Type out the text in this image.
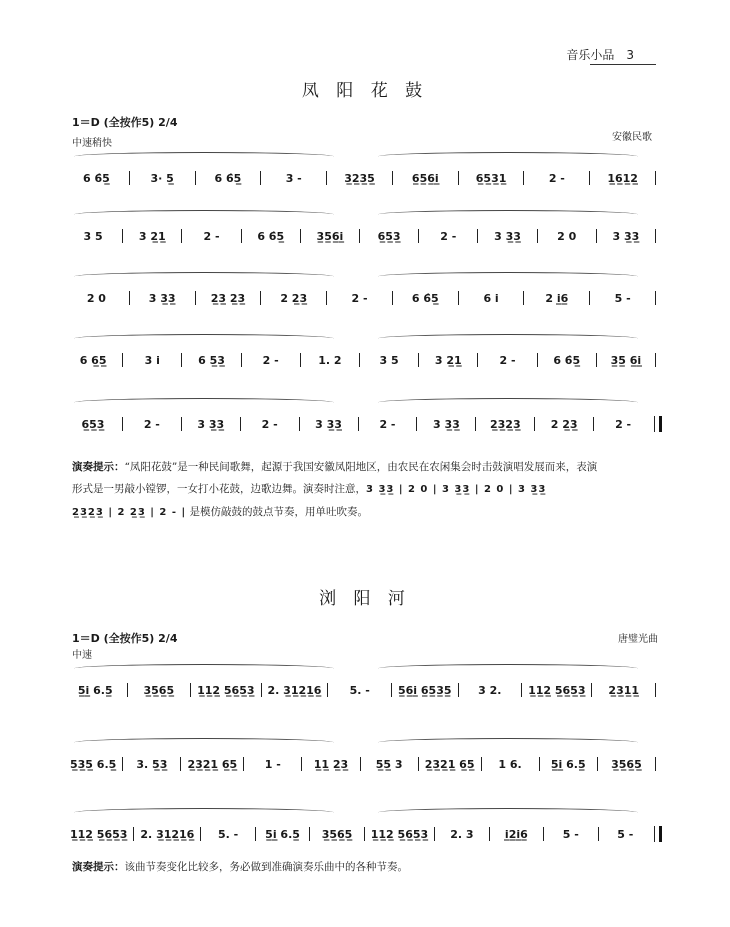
音乐小品　3
凤 阳 花 鼓
1＝D (全按作5) 2/4
中速稍快
安徽民歌
6 6̂5̲	3· 5̲	6 6̂5̲	3 -	3̲2̲3̲5̲	6̲5̲6̲i̲	6̲5̲3̲1̲	2 -	1̲6̲1̲2̲
3 5	3 2̲1̲	2 -	6 6̂5̲	3̲5̲6̲i̲	6̲5̲3̲	2 -	3 3̲3̲	2 0	3 3̲3̲
2 0	3 3̲3̲	2̲3̲ 2̲3̲	2 2̲3̲	2 -	6 6̂5̲	6 i	2 i̲6̲	5 -
6 6̲5̲	3 i	6 5̲3̲	2 -	1. 2	3 5	3 2̲1̲	2 -	6 6̂5̲	3̲5̲ 6̲i̲
6̲5̲3̲	2 -	3 3̲3̲	2 -	3 3̲3̲	2 -	3 3̲3̲	2̲3̲2̲3̲	2 2̲3̲	2 -
演奏提示：“凤阳花鼓”是一种民间歌舞，起源于我国安徽凤阳地区，由农民在农闲集会时击鼓演唱发展而来，表演
形式是一男敲小镗锣，一女打小花鼓，边歌边舞。演奏时注意，3 3̲3̲ | 2 0 | 3 3̲3̲ | 2 0 | 3 3̲3̲
2̲3̲2̲3̲ | 2 2̲3̲ | 2 - | 是模仿敲鼓的鼓点节奏，用单吐吹奏。
浏 阳 河
1＝D (全按作5) 2/4
中速
唐璧光曲
5̲i̲ 6.5̲	3̲5̲6̲5̲	1̲1̲2̲ 5̲6̲5̲3̲ 2. 3̲1̲2̲1̲6̲	5. -	5̲6̲i̲ 6̲5̲3̲5̲	3 2.	1̲1̲2̲ 5̲6̲5̲3̲	2̲3̲1̲1̲
5̲3̲5̲ 6.5̲	3. 5̲3̲	2̲3̲2̲1̲ 6̲5̲	1 -	1̲1̲ 2̲3̲	5̲5̲ 3	2̲3̲2̲1̲ 6̲5̲	1 6.	5̲i̲ 6.5̲	3̲5̲6̲5̲
1̲1̲2̲ 5̲6̲5̲3̲ 2. 3̲1̲2̲1̲6̲	5. -	5̲i̲ 6.5̲	3̲5̲6̲5̲	1̲1̲2̲ 5̲6̲5̲3̲	2. 3	i̲2̲i̲6̲	5 -	5 -
演奏提示：该曲节奏变化比较多，务必做到准确演奏乐曲中的各种节奏。
